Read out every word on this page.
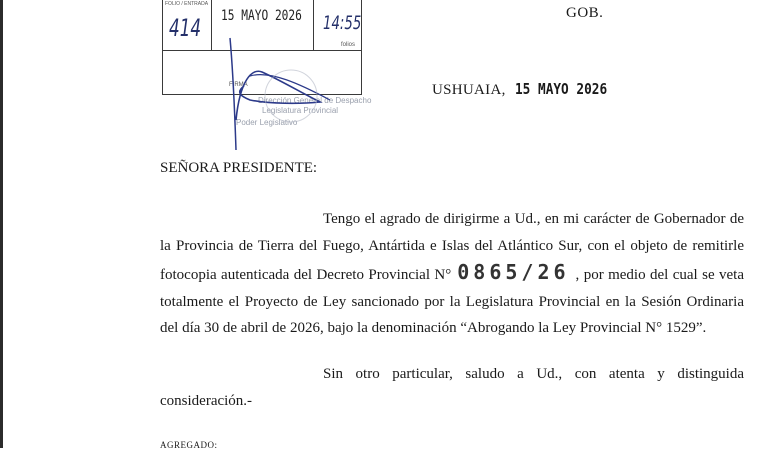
FOLIO / ENTRADA
414 15 MAYO 2026 14:55
folios
FIRMA
Dirección General de Despacho
Legislatura Provincial
Poder Legislativo
GOB.
USHUAIA, 15 MAYO 2026
SEÑORA PRESIDENTE:
Tengo el agrado de dirigirme a Ud., en mi carácter de Gobernador de la Provincia de Tierra del Fuego, Antártida e Islas del Atlántico Sur, con el objeto de remitirle fotocopia autenticada del Decreto Provincial N° 0865/26 , por medio del cual se veta totalmente el Proyecto de Ley sancionado por la Legislatura Provincial en la Sesión Ordinaria del día 30 de abril de 2026, bajo la denominación “Abrogando la Ley Provincial N° 1529”.
Sin otro particular, saludo a Ud., con atenta y distinguida consideración.-
AGREGADO:
